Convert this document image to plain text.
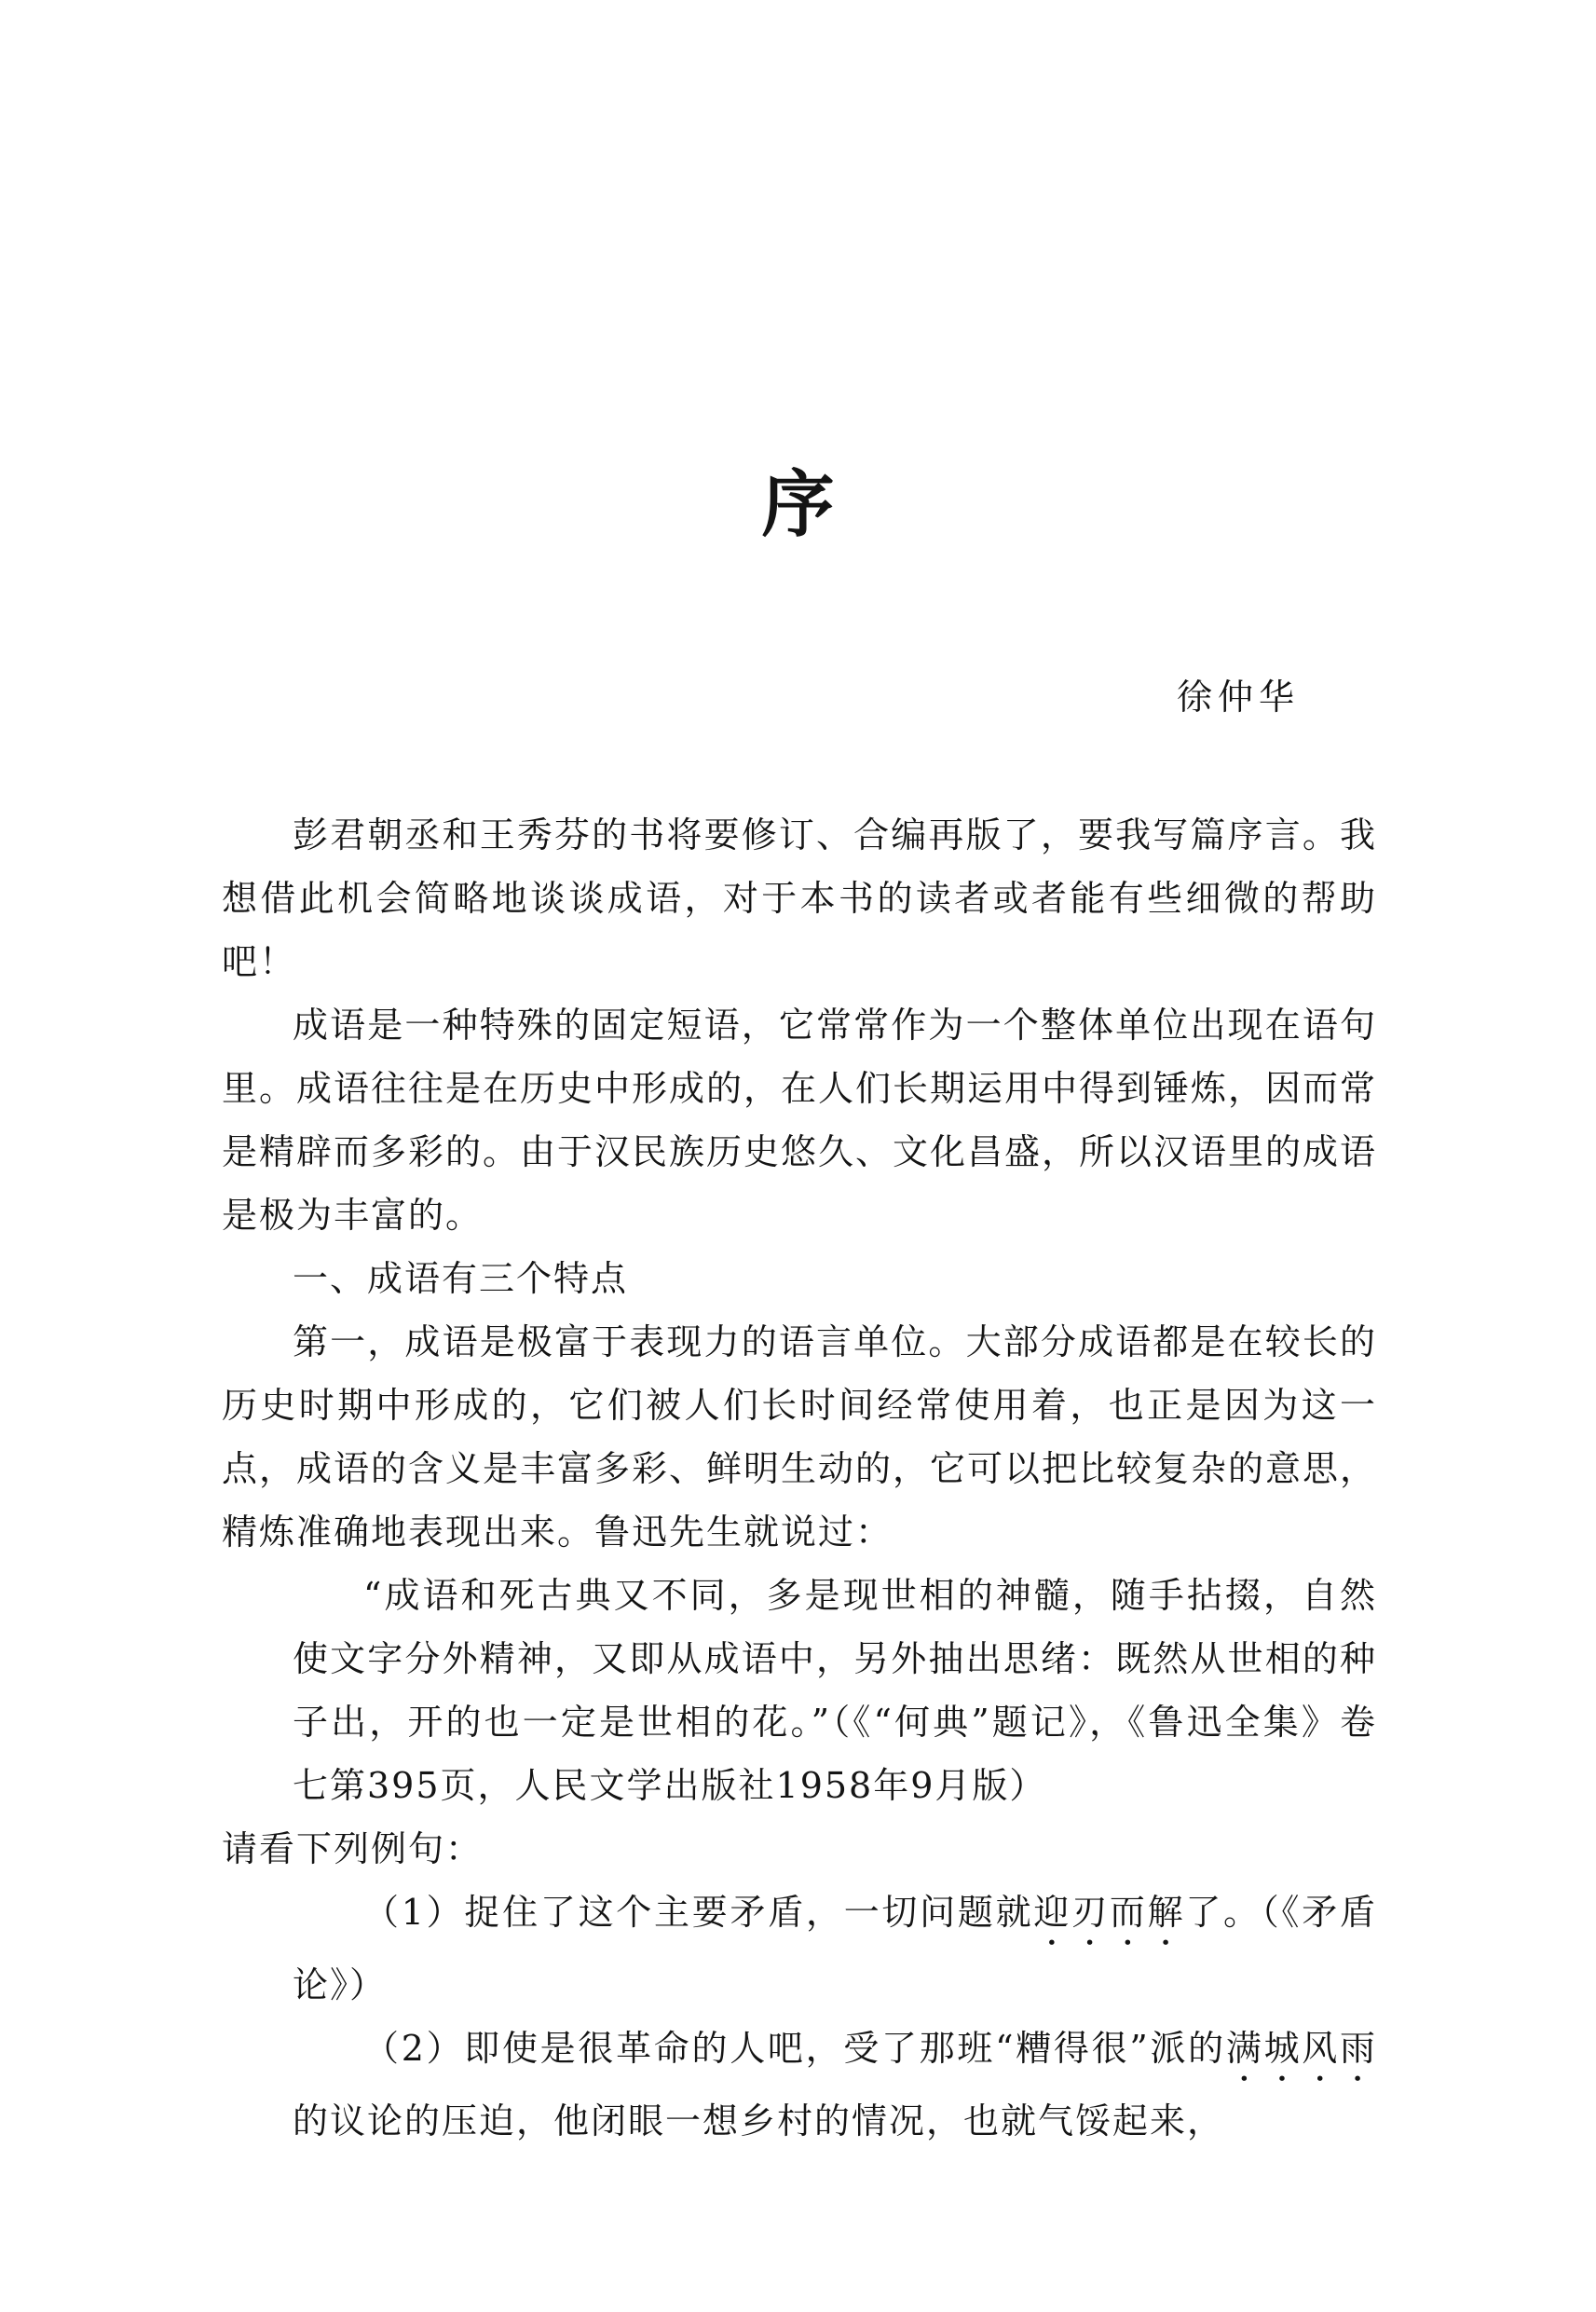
序
徐仲华

彭君朝丞和王秀芬的书将要修订、合编再版了，要我写篇序言。我想借此机会简略地谈谈成语，对于本书的读者或者能有些细微的帮助吧！

成语是一种特殊的固定短语，它常常作为一个整体单位出现在语句里。成语往往是在历史中形成的，在人们长期运用中得到锤炼，因而常是精辟而多彩的。由于汉民族历史悠久、文化昌盛，所以汉语里的成语是极为丰富的。

一、成语有三个特点

第一，成语是极富于表现力的语言单位。大部分成语都是在较长的历史时期中形成的，它们被人们长时间经常使用着，也正是因为这一点，成语的含义是丰富多彩、鲜明生动的，它可以把比较复杂的意思，精炼准确地表现出来。鲁迅先生就说过：

“成语和死古典又不同，多是现世相的神髓，随手拈掇，自然使文字分外精神，又即从成语中，另外抽出思绪：既然从世相的种子出，开的也一定是世相的花。”（《“何典”题记》，《鲁迅全集》卷七第395页，人民文学出版社1958年9月版）

请看下列例句：

（1）捉住了这个主要矛盾，一切问题就迎刃而解了。（《矛盾论》）

（2）即使是很革命的人吧，受了那班“糟得很”派的满城风雨的议论的压迫，他闭眼一想乡村的情况，也就气馁起来，
